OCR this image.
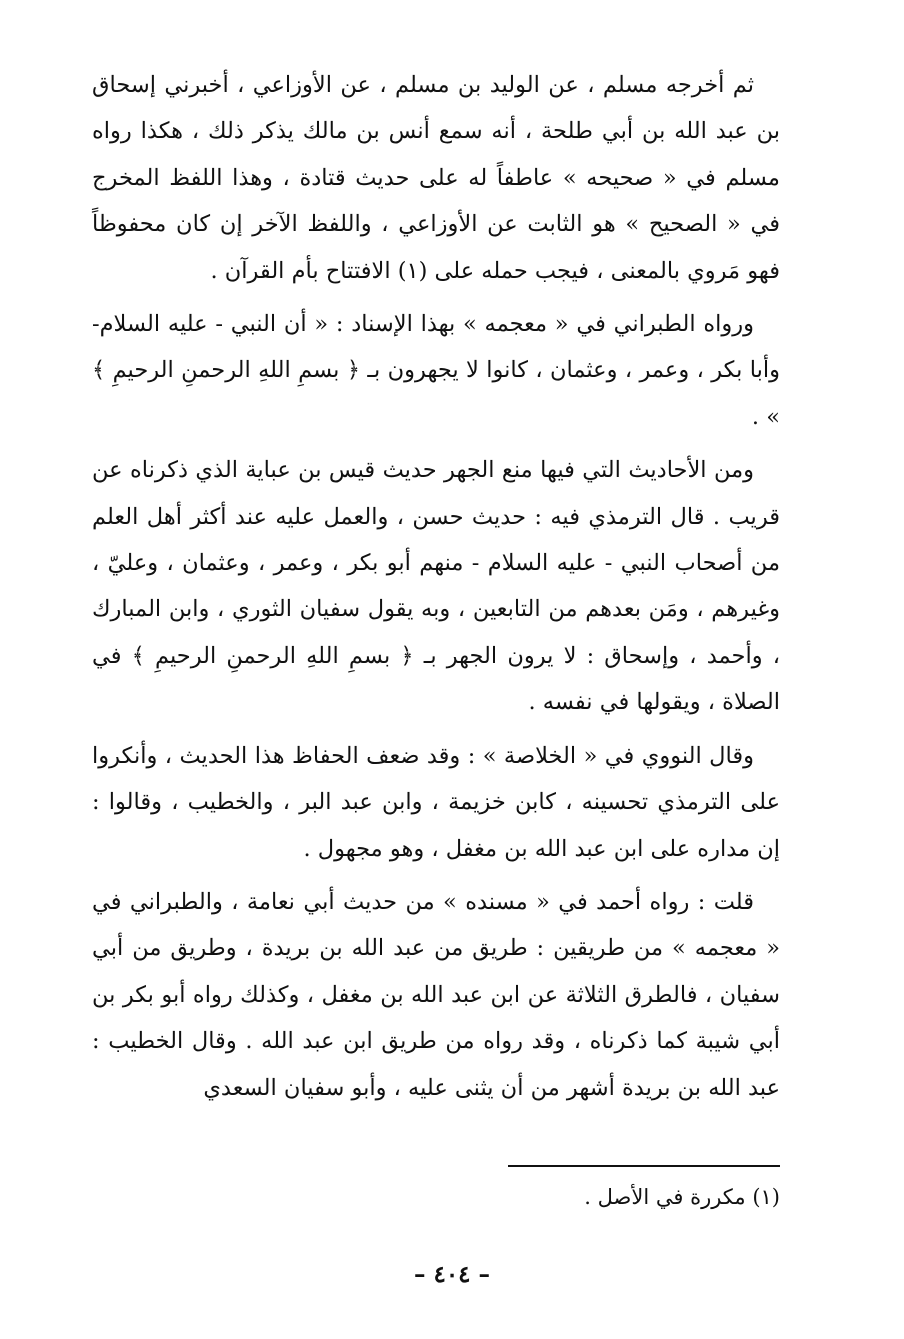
ثم أخرجه مسلم ، عن الوليد بن مسلم ، عن الأوزاعي ، أخبرني إسحاق بن عبد الله بن أبي طلحة ، أنه سمع أنس بن مالك يذكر ذلك ، هكذا رواه مسلم في « صحيحه » عاطفاً له على حديث قتادة ، وهذا اللفظ المخرج في « الصحيح » هو الثابت عن الأوزاعي ، واللفظ الآخر إن كان محفوظاً فهو مَروي بالمعنى ، فيجب حمله على (١) الافتتاح بأم القرآن .

ورواه الطبراني في « معجمه » بهذا الإسناد : « أن النبي - عليه السلام- وأبا بكر ، وعمر ، وعثمان ، كانوا لا يجهرون بـ ﴿ بسمِ اللهِ الرحمنِ الرحيمِ ﴾ » .

ومن الأحاديث التي فيها منع الجهر حديث قيس بن عباية الذي ذكرناه عن قريب . قال الترمذي فيه : حديث حسن ، والعمل عليه عند أكثر أهل العلم من أصحاب النبي - عليه السلام - منهم أبو بكر ، وعمر ، وعثمان ، وعليّ ، وغيرهم ، ومَن بعدهم من التابعين ، وبه يقول سفيان الثوري ، وابن المبارك ، وأحمد ، وإسحاق : لا يرون الجهر بـ ﴿ بسمِ اللهِ الرحمنِ الرحيمِ ﴾ في الصلاة ، ويقولها في نفسه .

وقال النووي في « الخلاصة » : وقد ضعف الحفاظ هذا الحديث ، وأنكروا على الترمذي تحسينه ، كابن خزيمة ، وابن عبد البر ، والخطيب ، وقالوا : إن مداره على ابن عبد الله بن مغفل ، وهو مجهول .

قلت : رواه أحمد في « مسنده » من حديث أبي نعامة ، والطبراني في « معجمه » من طريقين : طريق من عبد الله بن بريدة ، وطريق من أبي سفيان ، فالطرق الثلاثة عن ابن عبد الله بن مغفل ، وكذلك رواه أبو بكر بن أبي شيبة كما ذكرناه ، وقد رواه من طريق ابن عبد الله . وقال الخطيب : عبد الله بن بريدة أشهر من أن يثنى عليه ، وأبو سفيان السعدي

(١) مكررة في الأصل .

– ٤٠٤ –
